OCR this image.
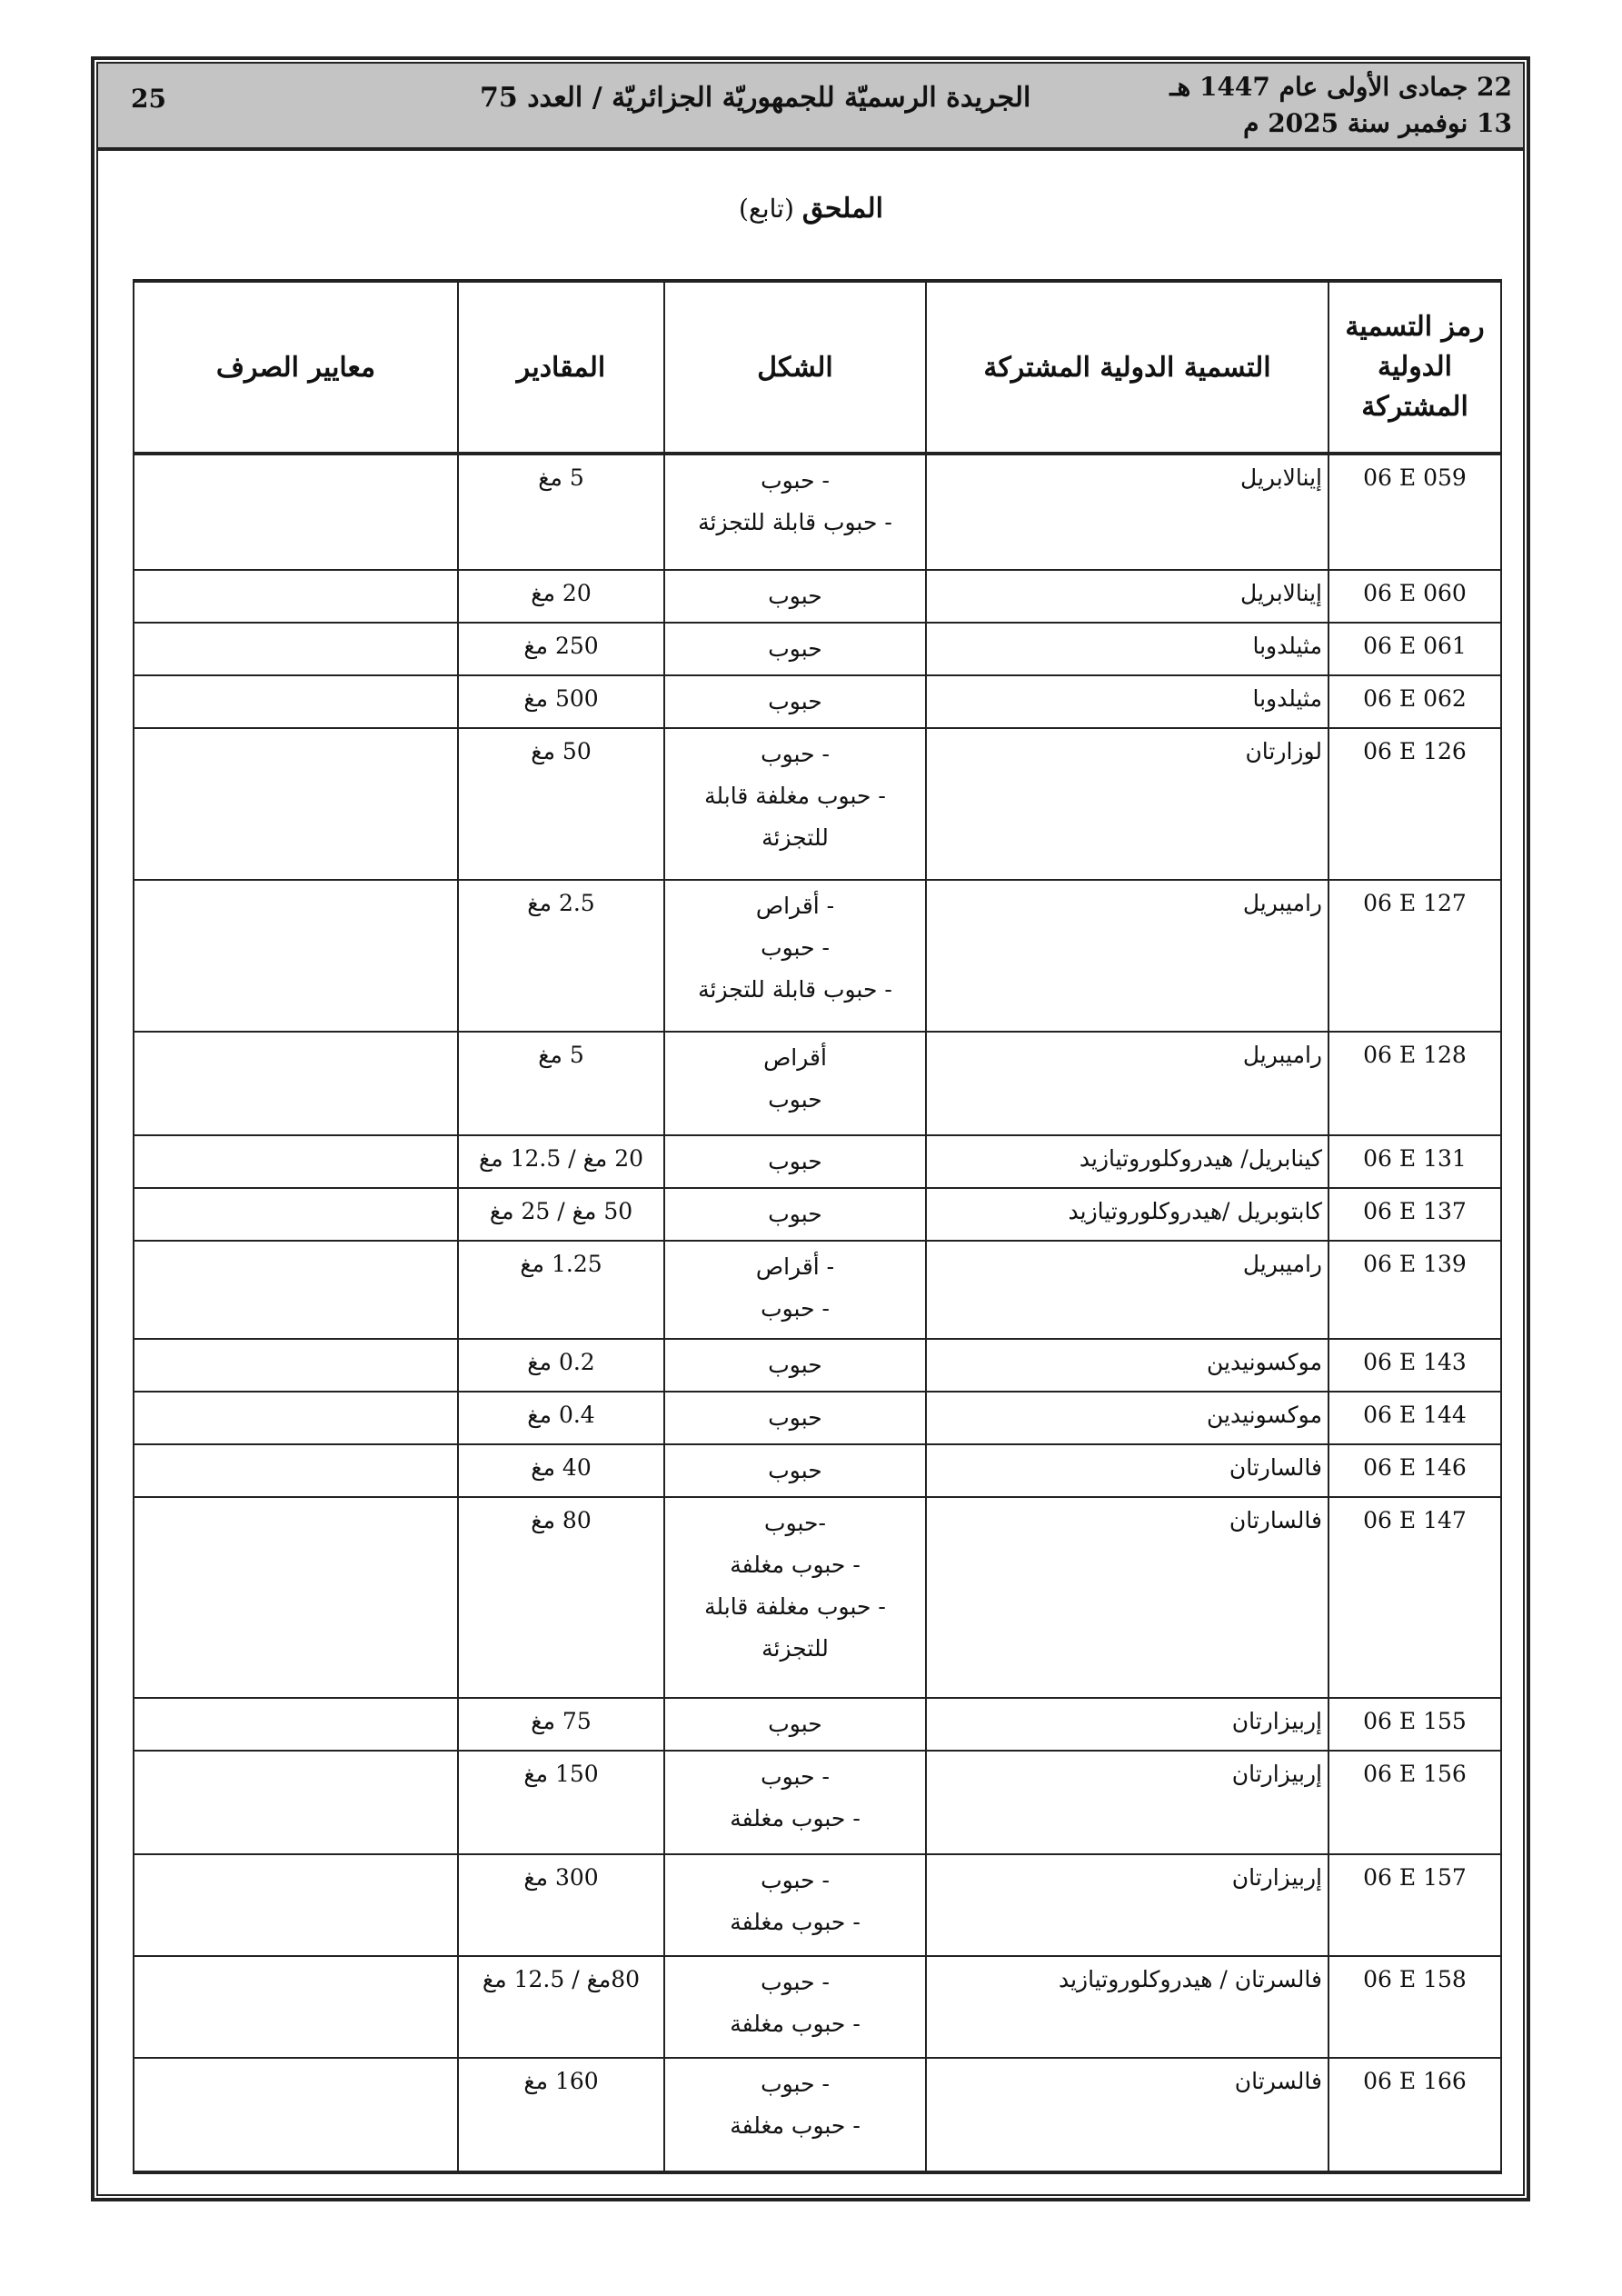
25	الجريدة الرسميّة للجمهوريّة الجزائريّة / العدد 75	22 جمادى الأولى عام 1447 هـ
13 نوفمبر سنة 2025 م
الملحق (تابع)
رمز التسمية الدولية المشتركة	التسمية الدولية المشتركة	الشكل	المقادير	معايير الصرف
06 E 059	إينالابريل	- حبوب
- حبوب قابلة للتجزئة	5 مغ	
06 E 060	إينالابريل	حبوب	20 مغ	
06 E 061	مثيلدوبا	حبوب	250 مغ	
06 E 062	مثيلدوبا	حبوب	500 مغ	
06 E 126	لوزارتان	- حبوب
- حبوب مغلفة قابلة
للتجزئة	50 مغ	
06 E 127	راميبريل	- أقراص
- حبوب
- حبوب قابلة للتجزئة	2.5 مغ	
06 E 128	راميبريل	أقراص
حبوب	5 مغ	
06 E 131	كينابريل/ هيدروكلوروتيازيد	حبوب	20 مغ / 12.5 مغ	
06 E 137	كابتوبريل /هيدروكلوروتيازيد	حبوب	50 مغ / 25 مغ	
06 E 139	راميبريل	- أقراص
- حبوب	1.25 مغ	
06 E 143	موكسونيدين	حبوب	0.2 مغ	
06 E 144	موكسونيدين	حبوب	0.4 مغ	
06 E 146	فالسارتان	حبوب	40 مغ	
06 E 147	فالسارتان	-حبوب
- حبوب مغلفة
- حبوب مغلفة قابلة
للتجزئة	80 مغ	
06 E 155	إربيزارتان	حبوب	75 مغ	
06 E 156	إربيزارتان	- حبوب
- حبوب مغلفة	150 مغ	
06 E 157	إربيزارتان	- حبوب
- حبوب مغلفة	300 مغ	
06 E 158	فالسرتان / هيدروكلوروتيازيد	- حبوب
- حبوب مغلفة	80مغ / 12.5 مغ	
06 E 166	فالسرتان	- حبوب
- حبوب مغلفة	160 مغ	
